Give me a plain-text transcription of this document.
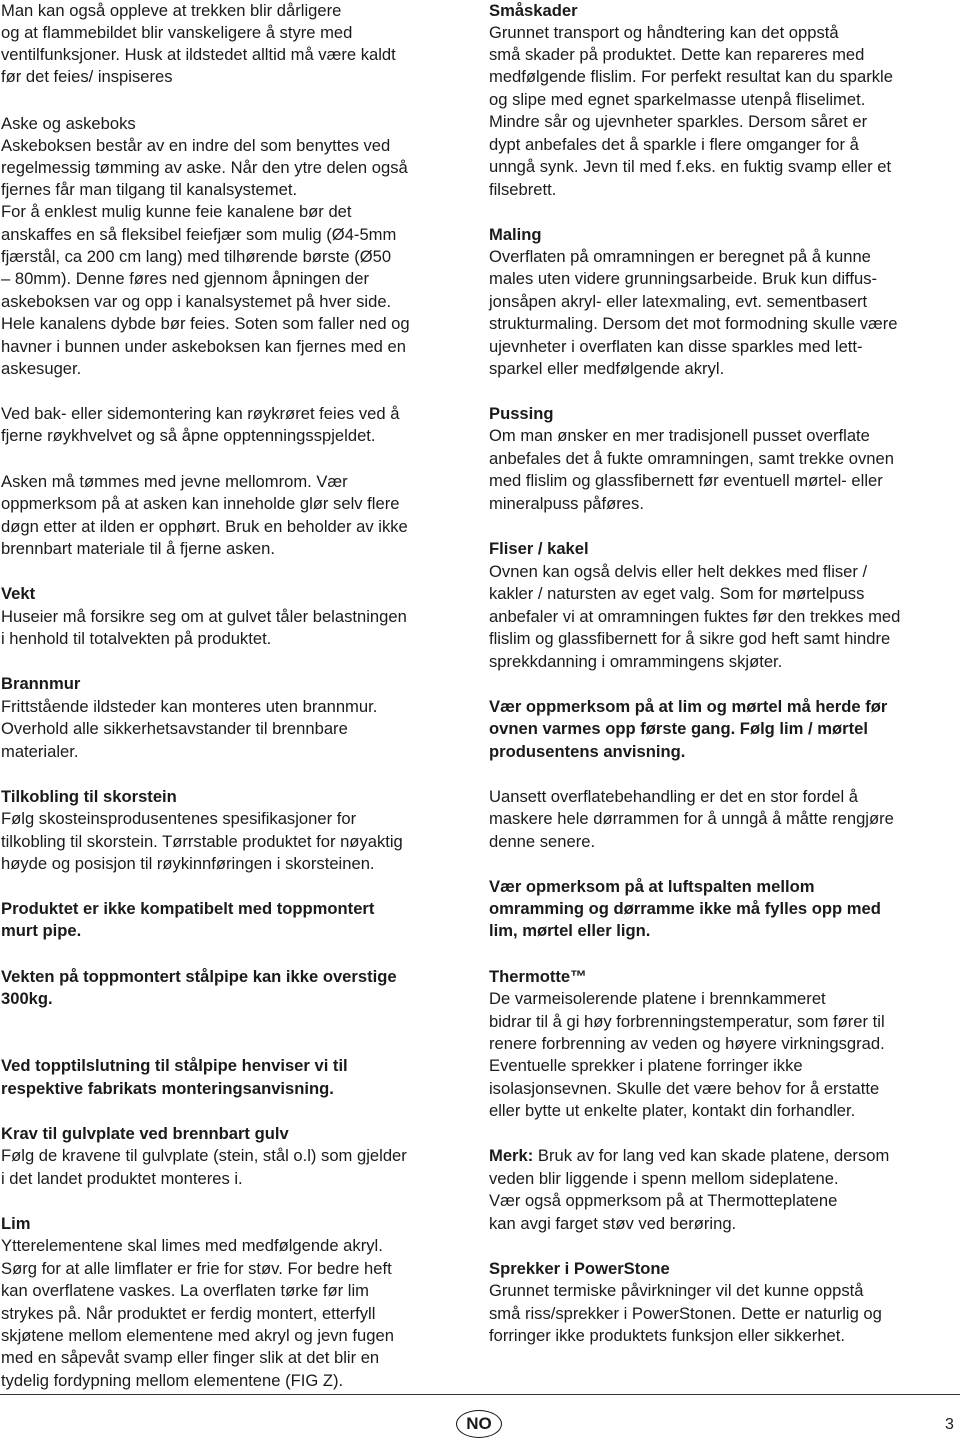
Man kan også oppleve at trekken blir dårligere
og at flammebildet blir vanskeligere å styre med
ventilfunksjoner. Husk at ildstedet alltid må være kaldt
før det feies/ inspiseres
Aske og askeboks
Askeboksen består av en indre del som benyttes ved
regelmessig tømming av aske. Når den ytre delen også
fjernes får man tilgang til kanalsystemet.
For å enklest mulig kunne feie kanalene bør det
anskaffes en så fleksibel feiefjær som mulig (Ø4-5mm
fjærstål, ca 200 cm lang) med tilhørende børste (Ø50
– 80mm). Denne føres ned gjennom åpningen der
askeboksen var og opp i kanalsystemet på hver side.
Hele kanalens dybde bør feies. Soten som faller ned og
havner i bunnen under askeboksen kan fjernes med en
askesuger.
Ved bak- eller sidemontering kan røykrøret feies ved å
fjerne røykhvelvet og så åpne opptenningsspjeldet.
Asken må tømmes med jevne mellomrom. Vær
oppmerksom på at asken kan inneholde glør selv flere
døgn etter at ilden er opphørt. Bruk en beholder av ikke
brennbart materiale til å fjerne asken.
Vekt
Huseier må forsikre seg om at gulvet tåler belastningen
i henhold til totalvekten på produktet.
Brannmur
Frittstående ildsteder kan monteres uten brannmur.
Overhold alle sikkerhetsavstander til brennbare
materialer.
Tilkobling til skorstein
Følg skosteinsprodusentenes spesifikasjoner for
tilkobling til skorstein. Tørrstable produktet for nøyaktig
høyde og posisjon til røykinnføringen i skorsteinen.
Produktet er ikke kompatibelt med toppmontert
murt pipe.
Vekten på toppmontert stålpipe kan ikke overstige
300kg.
Ved topptilslutning til stålpipe henviser vi til
respektive fabrikats monteringsanvisning.
Krav til gulvplate ved brennbart gulv
Følg de kravene til gulvplate (stein, stål o.l) som gjelder
i det landet produktet monteres i.
Lim
Ytterelementene skal limes med medfølgende akryl.
Sørg for at alle limflater er frie for støv. For bedre heft
kan overflatene vaskes. La overflaten tørke før lim
strykes på. Når produktet er ferdig montert, etterfyll
skjøtene mellom elementene med akryl og jevn fugen
med en såpevåt svamp eller finger slik at det blir en
tydelig fordypning mellom elementene (FIG Z).
Småskader
Grunnet transport og håndtering kan det oppstå
små skader på produktet. Dette kan repareres med
medfølgende flislim. For perfekt resultat kan du sparkle
og slipe med egnet sparkelmasse utenpå fliselimet.
Mindre sår og ujevnheter sparkles. Dersom såret er
dypt anbefales det å sparkle i flere omganger for å
unngå synk. Jevn til med f.eks. en fuktig svamp eller et
filsebrett.
Maling
Overflaten på omramningen er beregnet på å kunne
males uten videre grunningsarbeide. Bruk kun diffus-
jonsåpen akryl- eller latexmaling, evt. sementbasert
strukturmaling. Dersom det mot formodning skulle være
ujevnheter i overflaten kan disse sparkles med lett-
sparkel eller medfølgende akryl.
Pussing
Om man ønsker en mer tradisjonell pusset overflate
anbefales det å fukte omramningen, samt trekke ovnen
med flislim og glassfibernett før eventuell mørtel- eller
mineralpuss påføres.
Fliser / kakel
Ovnen kan også delvis eller helt dekkes med fliser /
kakler / natursten av eget valg. Som for mørtelpuss
anbefaler vi at omramningen fuktes før den trekkes med
flislim og glassfibernett for å sikre god heft samt hindre
sprekkdanning i omrammingens skjøter.
Vær oppmerksom på at lim og mørtel må herde før
ovnen varmes opp første gang. Følg lim / mørtel
produsentens anvisning.
Uansett overflatebehandling er det en stor fordel å
maskere hele dørrammen for å unngå å måtte rengjøre
denne senere.
Vær opmerksom på at luftspalten mellom
omramming og dørramme ikke må fylles opp med
lim, mørtel eller lign.
Thermotte™
De varmeisolerende platene i brennkammeret
bidrar til å gi høy forbrenningstemperatur, som fører til
renere forbrenning av veden og høyere virkningsgrad.
Eventuelle sprekker i platene forringer ikke
isolasjonsevnen. Skulle det være behov for å erstatte
eller bytte ut enkelte plater, kontakt din forhandler.
Merk: Bruk av for lang ved kan skade platene, dersom
veden blir liggende i spenn mellom sideplatene.
Vær også oppmerksom på at Thermotteplatene
kan avgi farget støv ved berøring.
Sprekker i PowerStone
Grunnet termiske påvirkninger vil det kunne oppstå
små riss/sprekker i PowerStonen. Dette er naturlig og
forringer ikke produktets funksjon eller sikkerhet.
NO	3
